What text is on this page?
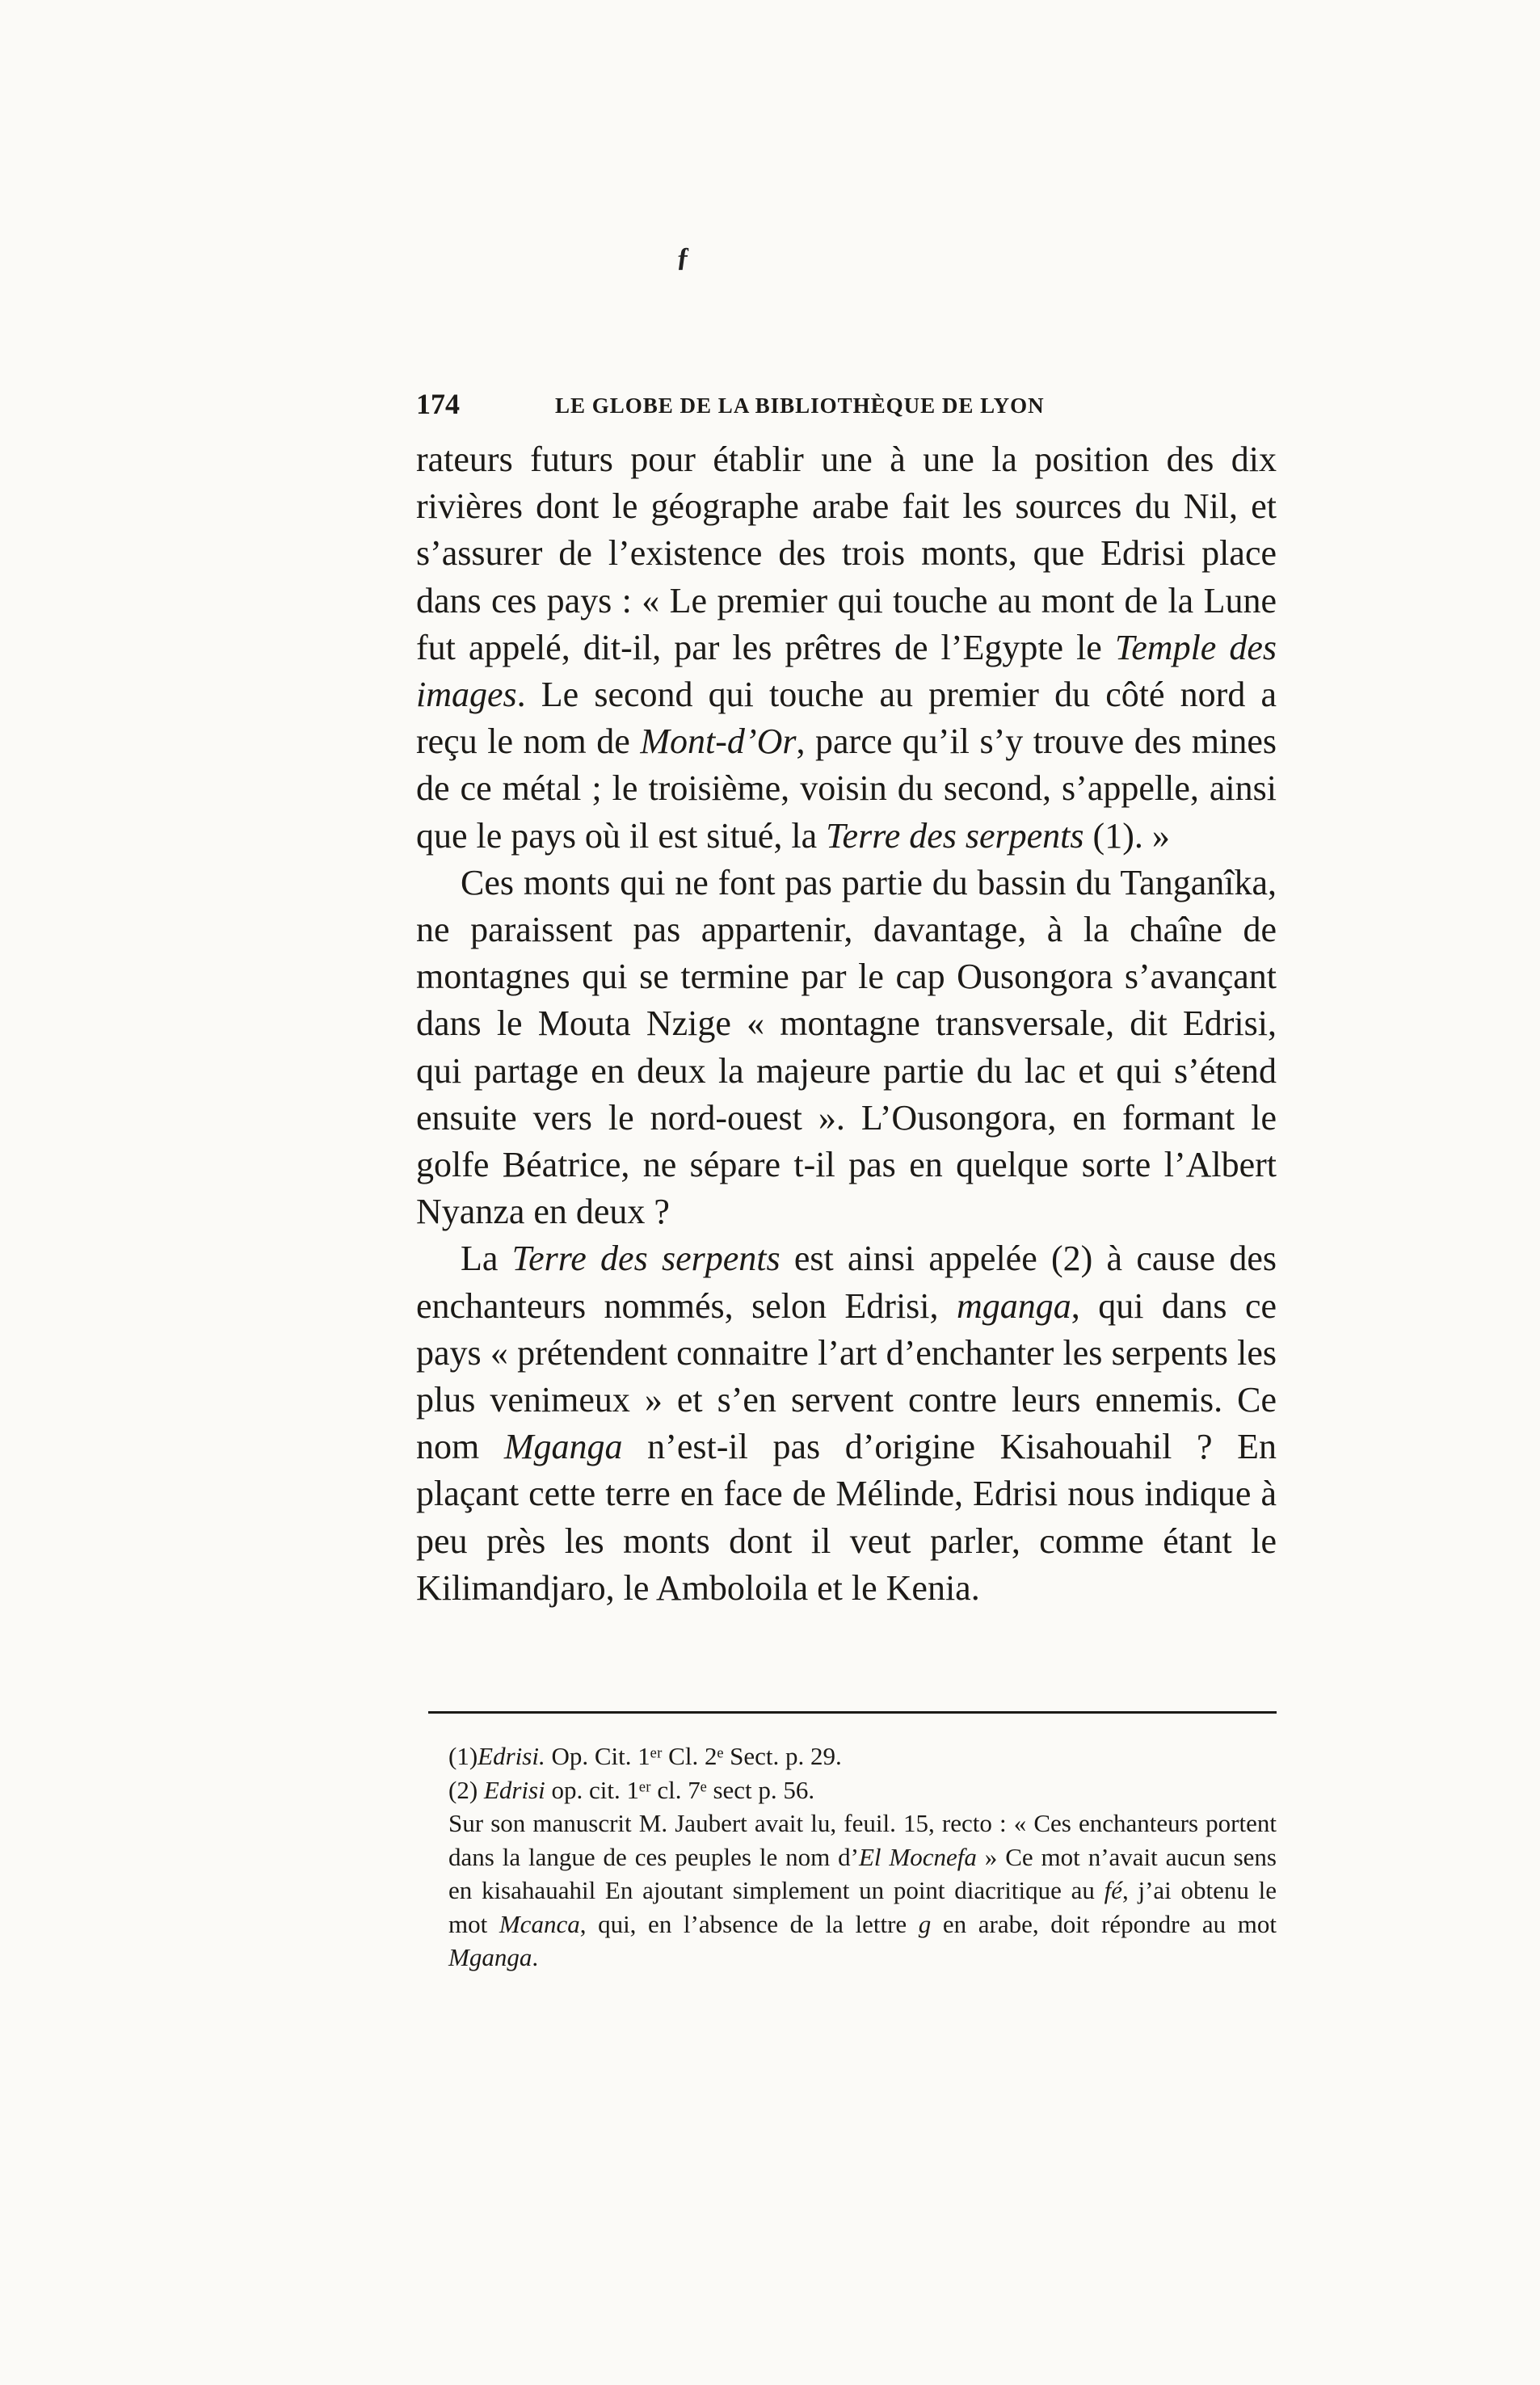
ƒ
174	LE GLOBE DE LA BIBLIOTHÈQUE DE LYON

rateurs futurs pour établir une à une la position des dix rivières dont le géographe arabe fait les sources du Nil, et s’assurer de l’existence des trois monts, que Edrisi place dans ces pays : « Le premier qui touche au mont de la Lune fut appelé, dit-il, par les prêtres de l’Egypte le Temple des images. Le second qui touche au premier du côté nord a reçu le nom de Mont-d’Or, parce qu’il s’y trouve des mines de ce métal ; le troisième, voisin du second, s’appelle, ainsi que le pays où il est situé, la Terre des serpents (1). »

Ces monts qui ne font pas partie du bassin du Tanganîka, ne paraissent pas appartenir, davantage, à la chaîne de montagnes qui se termine par le cap Ousongora s’avançant dans le Mouta Nzige « montagne transversale, dit Edrisi, qui partage en deux la majeure partie du lac et qui s’étend ensuite vers le nord-ouest ». L’Ousongora, en formant le golfe Béatrice, ne sépare t-il pas en quelque sorte l’Albert Nyanza en deux ?

La Terre des serpents est ainsi appelée (2) à cause des enchanteurs nommés, selon Edrisi, mganga, qui dans ce pays « prétendent connaitre l’art d’enchanter les serpents les plus venimeux » et s’en servent contre leurs ennemis. Ce nom Mganga n’est-il pas d’origine Kisahouahil ? En plaçant cette terre en face de Mélinde, Edrisi nous indique à peu près les monts dont il veut parler, comme étant le Kilimandjaro, le Amboloila et le Kenia.

(1)Edrisi. Op. Cit. 1ᵉʳ Cl. 2ᵉ Sect. p. 29.

(2) Edrisi op. cit. 1ᵉʳ cl. 7ᵉ sect p. 56.

Sur son manuscrit M. Jaubert avait lu, feuil. 15, recto : « Ces enchanteurs portent dans la langue de ces peuples le nom d’El Mocnefa » Ce mot n’avait aucun sens en kisahauahil En ajoutant simplement un point diacritique au fé, j’ai obtenu le mot Mcanca, qui, en l’absence de la lettre g en arabe, doit répondre au mot Mganga.
